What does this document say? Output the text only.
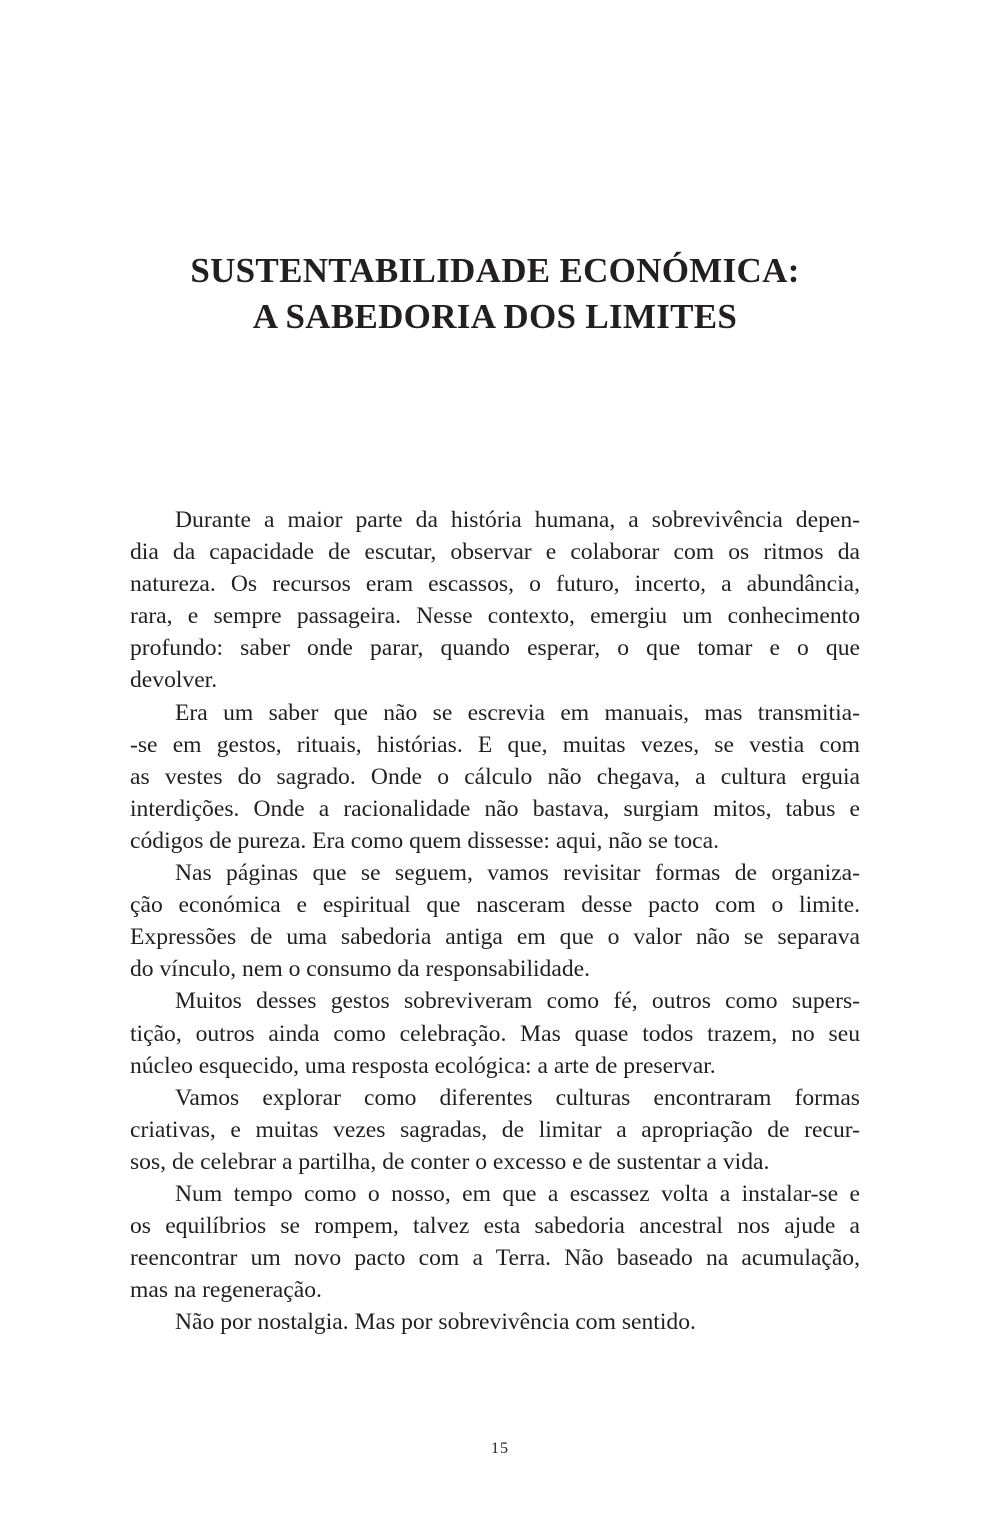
SUSTENTABILIDADE ECONÓMICA:
A SABEDORIA DOS LIMITES

Durante a maior parte da história humana, a sobrevivência depen-
dia da capacidade de escutar, observar e colaborar com os ritmos da
natureza. Os recursos eram escassos, o futuro, incerto, a abundância,
rara, e sempre passageira. Nesse contexto, emergiu um conhecimento
profundo: saber onde parar, quando esperar, o que tomar e o que
devolver.

Era um saber que não se escrevia em manuais, mas transmitia-
-se em gestos, rituais, histórias. E que, muitas vezes, se vestia com
as vestes do sagrado. Onde o cálculo não chegava, a cultura erguia
interdições. Onde a racionalidade não bastava, surgiam mitos, tabus e
códigos de pureza. Era como quem dissesse: aqui, não se toca.

Nas páginas que se seguem, vamos revisitar formas de organiza-
ção económica e espiritual que nasceram desse pacto com o limite.
Expressões de uma sabedoria antiga em que o valor não se separava
do vínculo, nem o consumo da responsabilidade.

Muitos desses gestos sobreviveram como fé, outros como supers-
tição, outros ainda como celebração. Mas quase todos trazem, no seu
núcleo esquecido, uma resposta ecológica: a arte de preservar.

Vamos explorar como diferentes culturas encontraram formas
criativas, e muitas vezes sagradas, de limitar a apropriação de recur-
sos, de celebrar a partilha, de conter o excesso e de sustentar a vida.

Num tempo como o nosso, em que a escassez volta a instalar-se e
os equilíbrios se rompem, talvez esta sabedoria ancestral nos ajude a
reencontrar um novo pacto com a Terra. Não baseado na acumulação,
mas na regeneração.

Não por nostalgia. Mas por sobrevivência com sentido.

15
